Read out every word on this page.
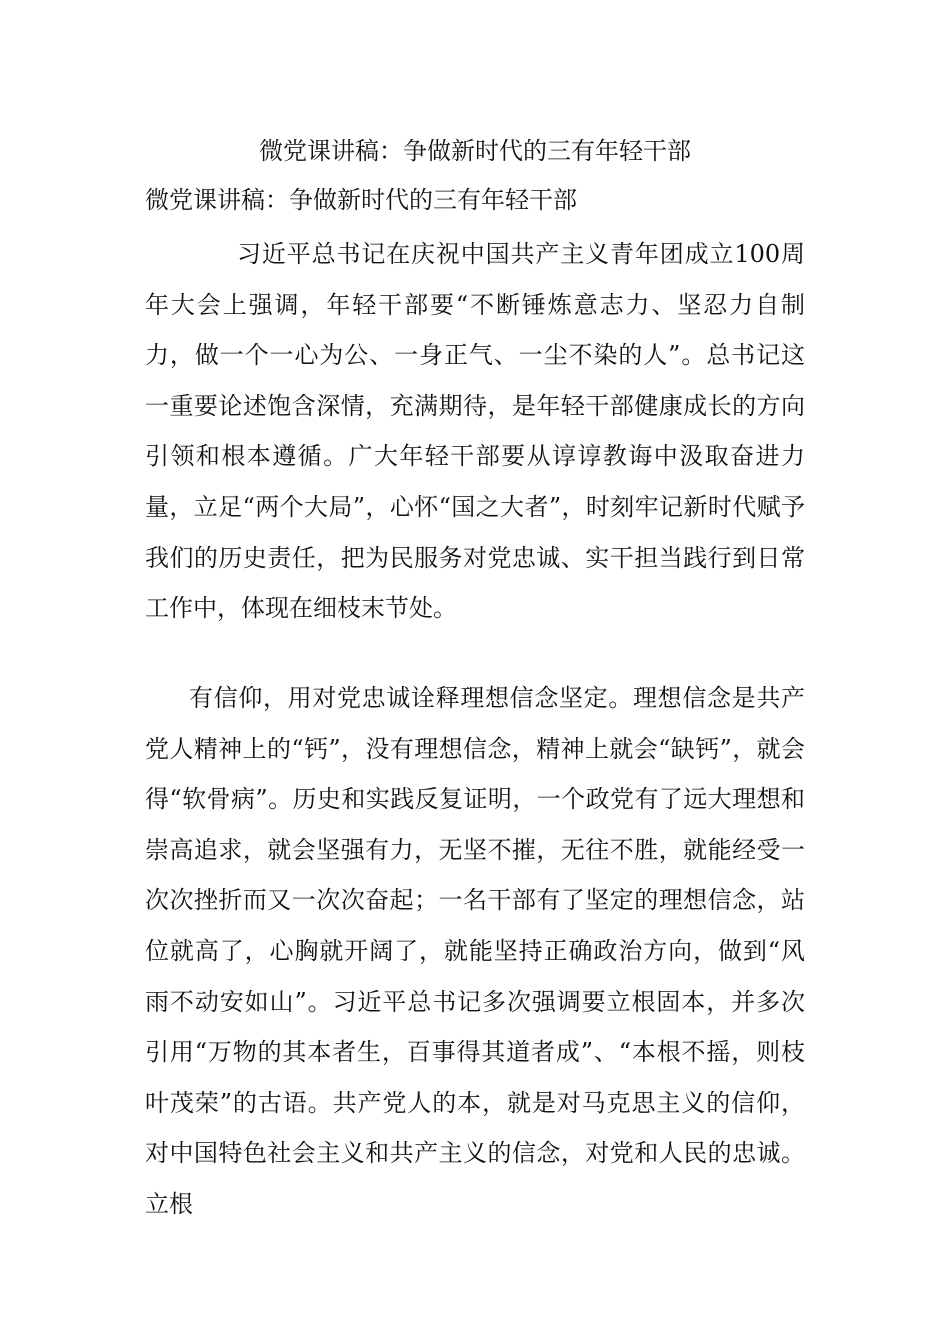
微党课讲稿：争做新时代的三有年轻干部
微党课讲稿：争做新时代的三有年轻干部

习近平总书记在庆祝中国共产主义青年团成立100周年大会上强调，年轻干部要“不断锤炼意志力、坚忍力自制力，做一个一心为公、一身正气、一尘不染的人”。总书记这一重要论述饱含深情，充满期待，是年轻干部健康成长的方向引领和根本遵循。广大年轻干部要从谆谆教诲中汲取奋进力量，立足“两个大局”，心怀“国之大者”，时刻牢记新时代赋予我们的历史责任，把为民服务对党忠诚、实干担当践行到日常工作中，体现在细枝末节处。

有信仰，用对党忠诚诠释理想信念坚定。理想信念是共产党人精神上的“钙”，没有理想信念，精神上就会“缺钙”，就会得“软骨病”。历史和实践反复证明，一个政党有了远大理想和崇高追求，就会坚强有力，无坚不摧，无往不胜，就能经受一次次挫折而又一次次奋起；一名干部有了坚定的理想信念，站位就高了，心胸就开阔了，就能坚持正确政治方向，做到“风雨不动安如山”。习近平总书记多次强调要立根固本，并多次引用“万物的其本者生，百事得其道者成”、“本根不摇，则枝叶茂荣”的古语。共产党人的本，就是对马克思主义的信仰，对中国特色社会主义和共产主义的信念，对党和人民的忠诚。立根
